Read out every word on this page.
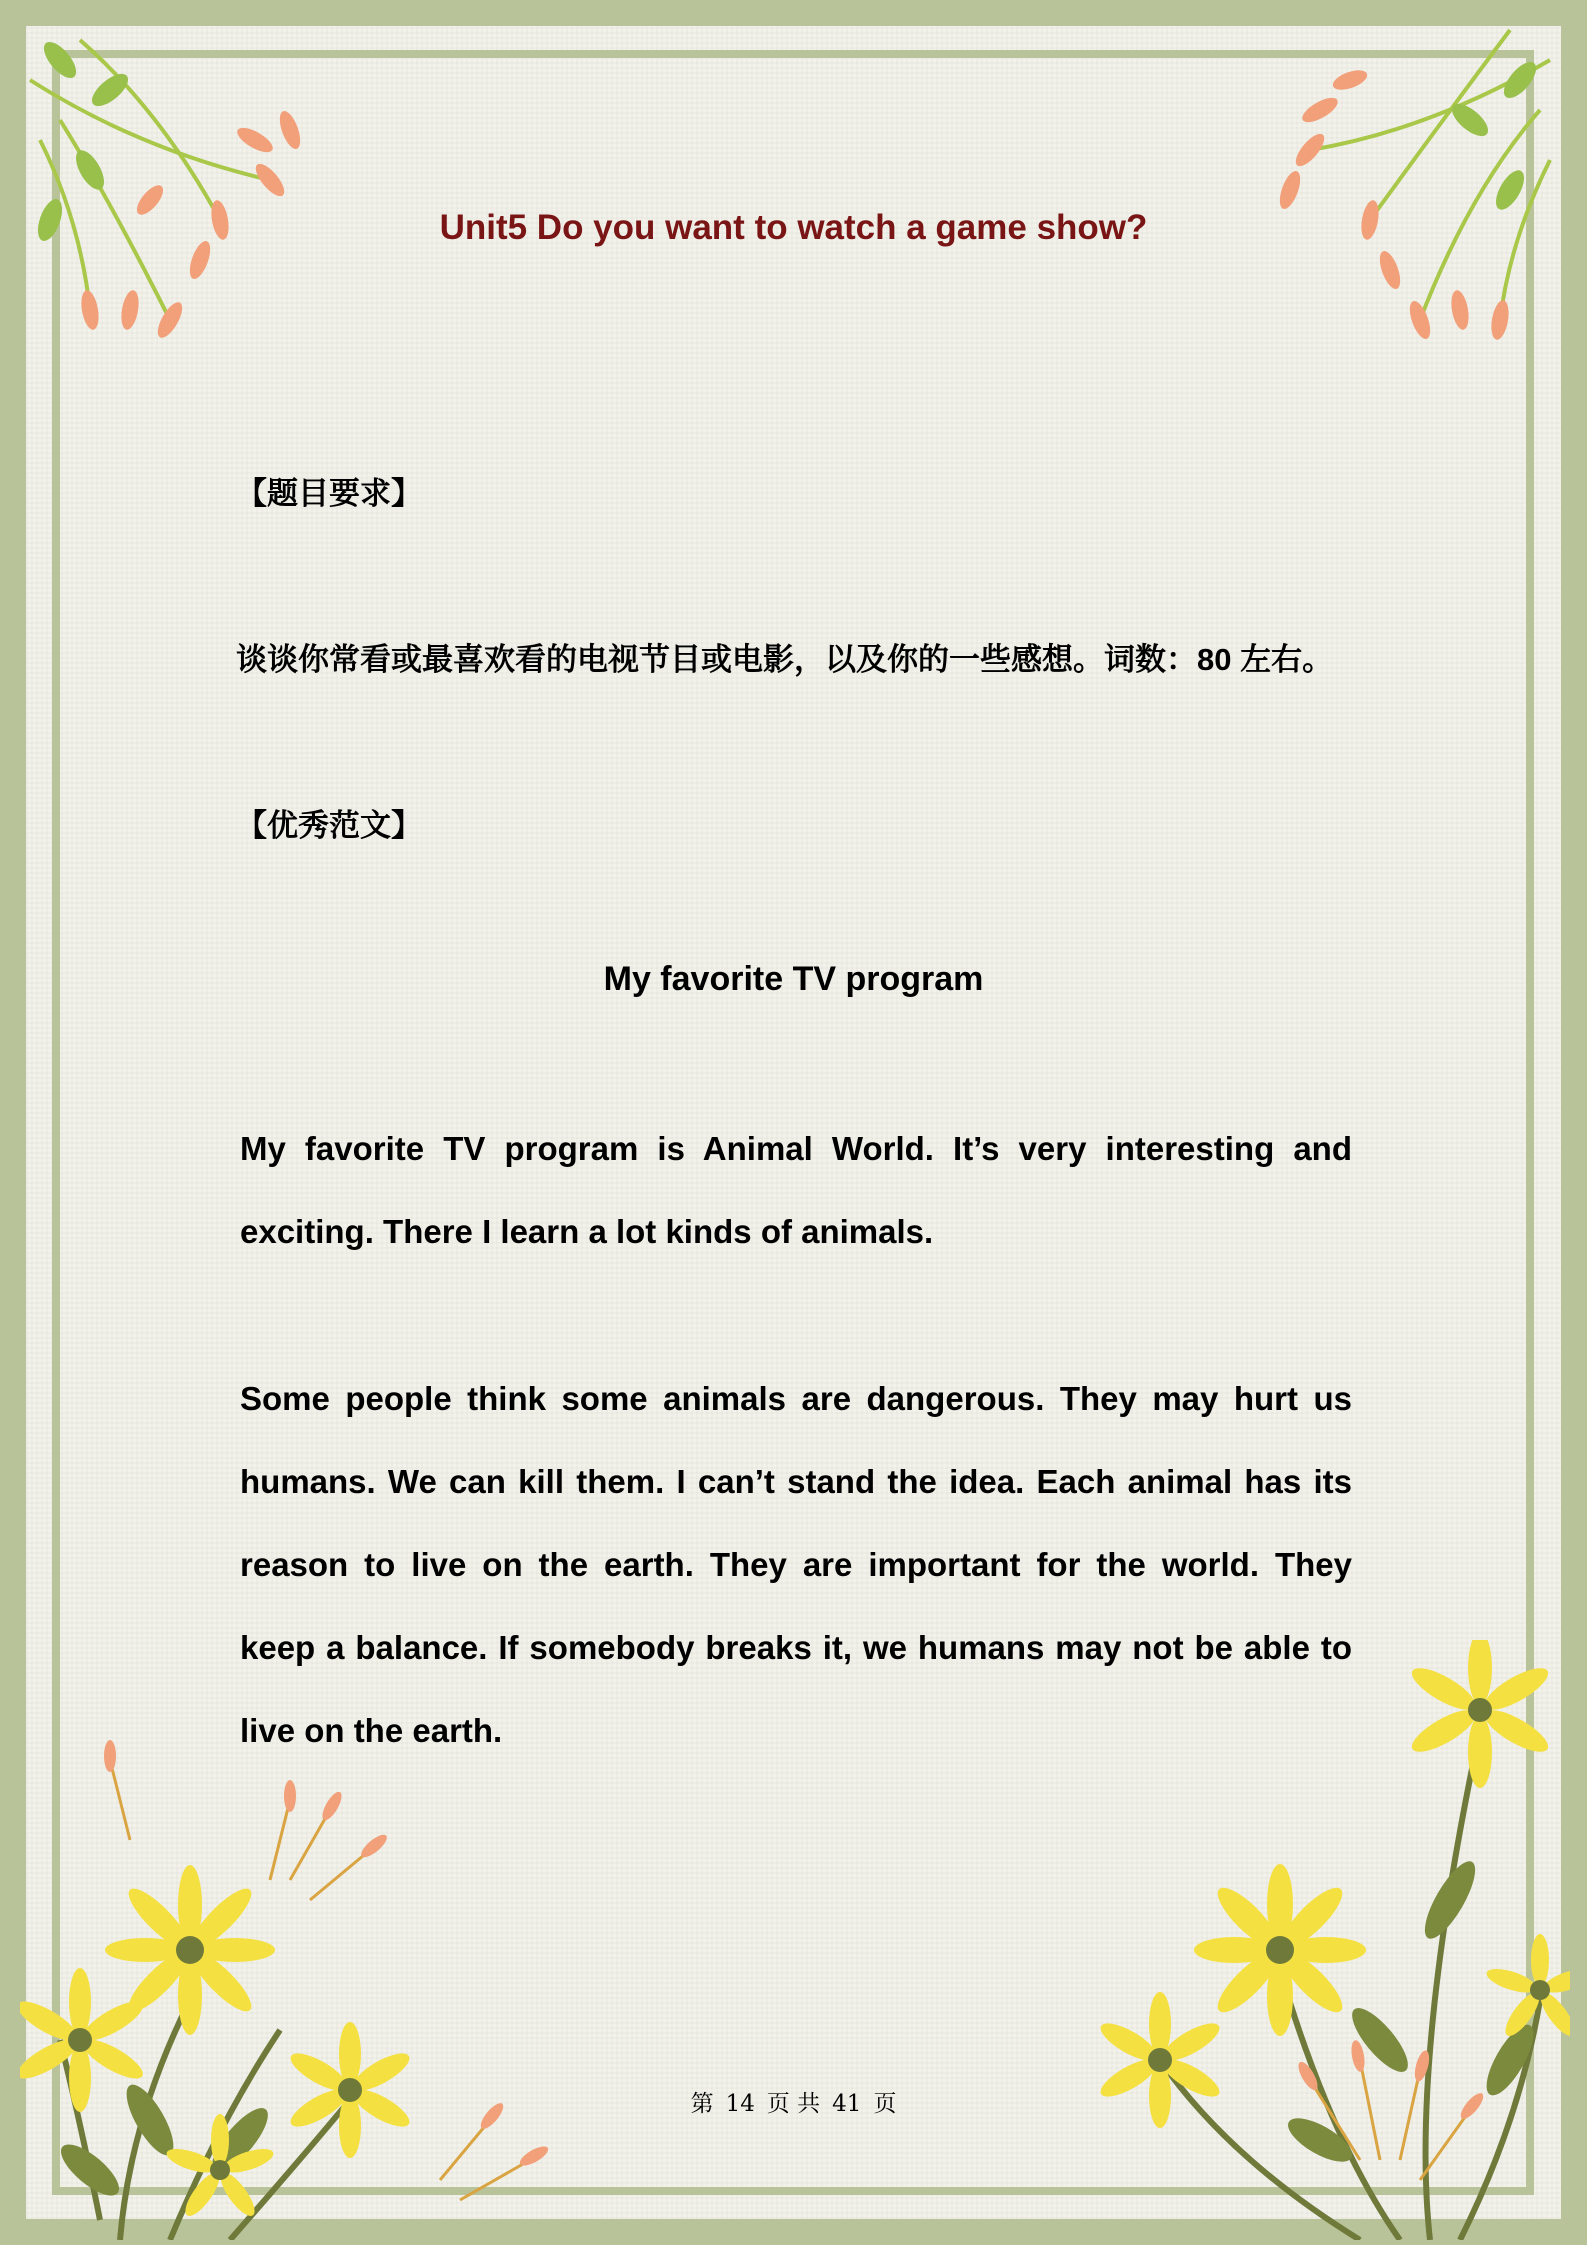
Unit5 Do you want to watch a game show?
【题目要求】
谈谈你常看或最喜欢看的电视节目或电影，以及你的一些感想。词数：80 左右。
【优秀范文】
My favorite TV program
My favorite TV program is Animal World. It’s very interesting and exciting. There I learn a lot kinds of animals.
Some people think some animals are dangerous. They may hurt us humans. We can kill them. I can’t stand the idea. Each animal has its reason to live on the earth. They are important for the world. They keep a balance. If somebody breaks it, we humans may not be able to live on the earth.
第 14 页 共 41 页
